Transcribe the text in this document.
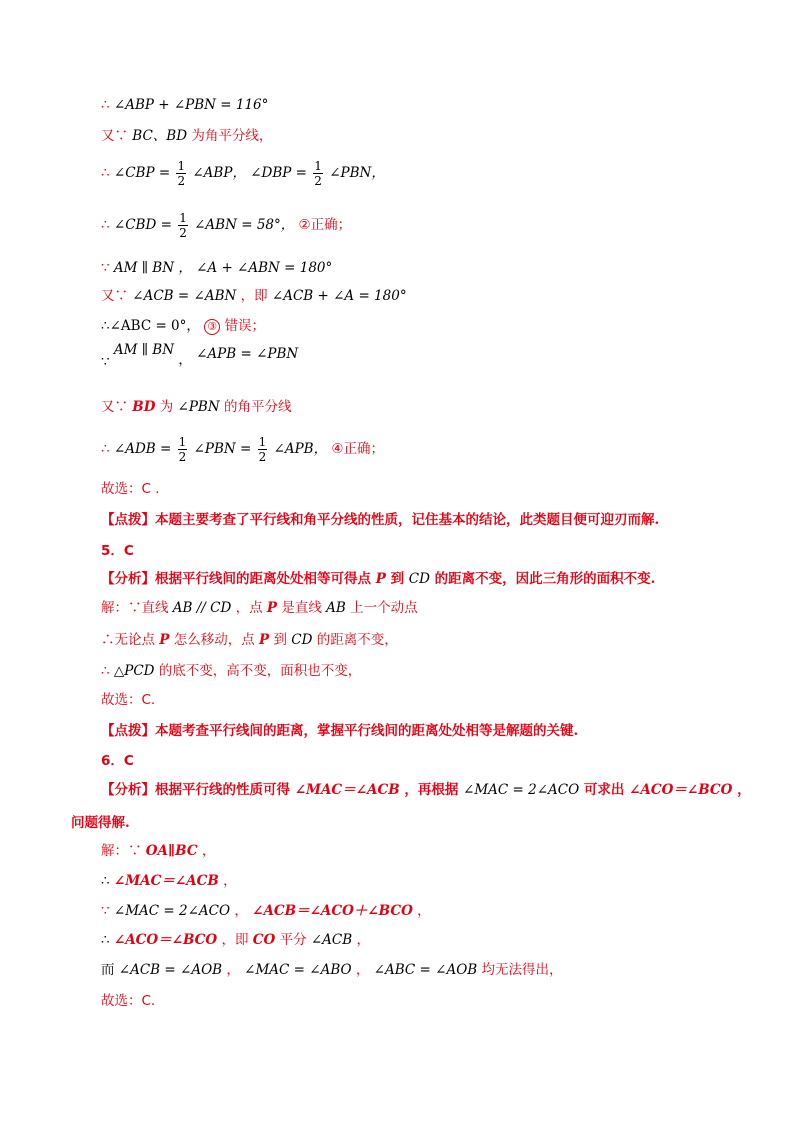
∴ ∠ABP + ∠PBN = 116°
又∵ BC、BD 为角平分线，
∴ ∠CBP = $\frac{1}{2}$ ∠ABP， ∠DBP = $\frac{1}{2}$ ∠PBN，
∴ ∠CBD = $\frac{1}{2}$ ∠ABN = 58°， ②正确；
∵ AM ∥ BN ， ∠A + ∠ABN = 180°
又∵ ∠ACB = ∠ABN ，即 ∠ACB + ∠A = 180°
∴∠ABC = 0°， ③ 错误；
∵ AM ∥ BN ， ∠APB = ∠PBN
又∵ BD 为 ∠PBN 的角平分线
∴ ∠ADB = $\frac{1}{2}$ ∠PBN = $\frac{1}{2}$ ∠APB， ④正确；
故选：C .
【点拨】本题主要考查了平行线和角平分线的性质，记住基本的结论，此类题目便可迎刃而解.
5．C
【分析】根据平行线间的距离处处相等可得点 P 到 CD 的距离不变，因此三角形的面积不变.
解：∵直线 AB // CD ，点 P 是直线 AB 上一个动点
∴无论点 P 怎么移动，点 P 到 CD 的距离不变，
∴ △PCD 的底不变，高不变，面积也不变，
故选：C.
【点拨】本题考查平行线间的距离，掌握平行线间的距离处处相等是解题的关键.
6．C
【分析】根据平行线的性质可得 ∠MAC＝∠ACB ，再根据 ∠MAC = 2∠ACO 可求出 ∠ACO＝∠BCO ，
问题得解.
解：∵ OA∥BC ，
∴ ∠MAC＝∠ACB ，
∵ ∠MAC = 2∠ACO ， ∠ACB＝∠ACO＋∠BCO ，
∴ ∠ACO＝∠BCO ，即 CO 平分 ∠ACB ，
而 ∠ACB = ∠AOB ， ∠MAC = ∠ABO ， ∠ABC = ∠AOB 均无法得出，
故选：C.
